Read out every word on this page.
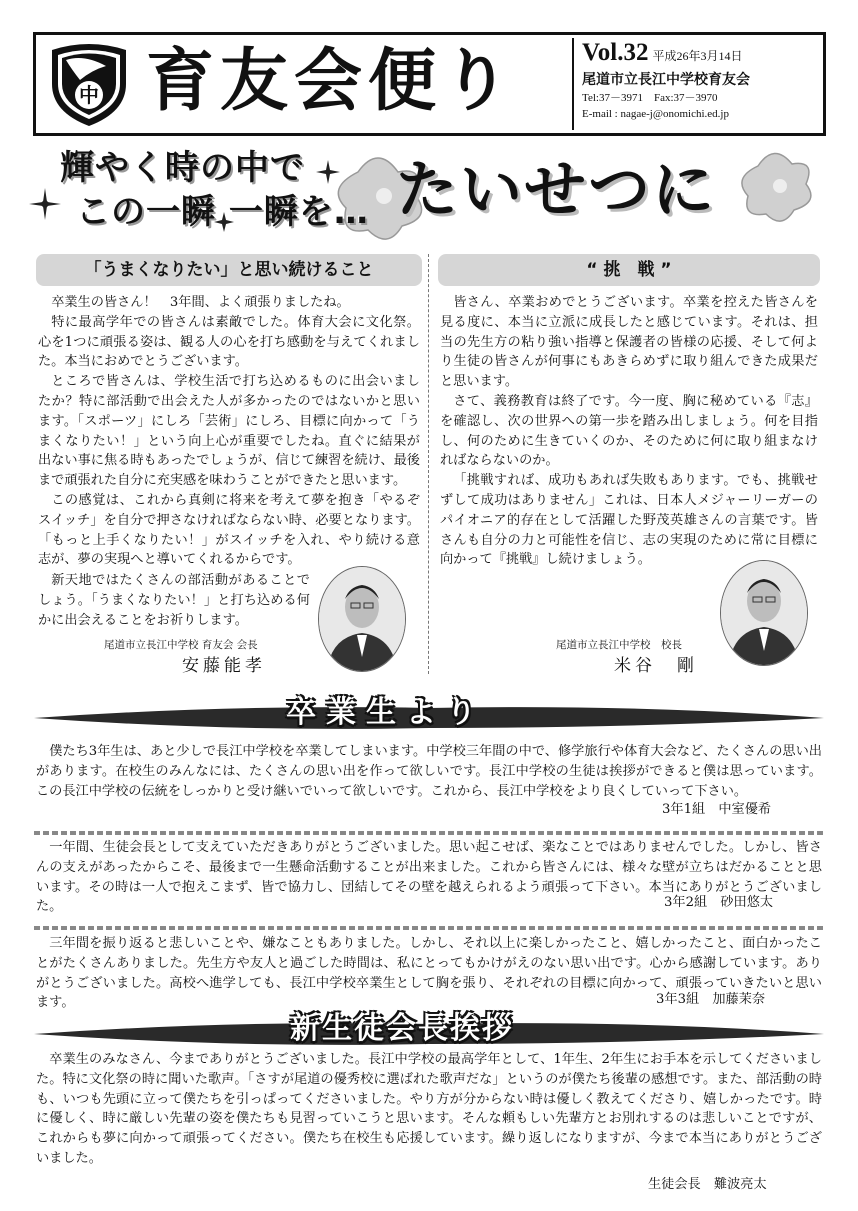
中 育友会便り	Vol.32 平成26年3月14日
尾道市立長江中学校育友会
Tel:37－3971　Fax:37－3970
E-mail : nagae-j@onomichi.ed.jp
輝やく時の中で
この一瞬 一瞬を… たいせつに
「うまくなりたい」と思い続けること	“ 挑　戦 ”

卒業生の皆さん！　3年間、よく頑張りましたね。

特に最高学年での皆さんは素敵でした。体育大会に文化祭。心を1つに頑張る姿は、観る人の心を打ち感動を与えてくれました。本当におめでとうございます。

ところで皆さんは、学校生活で打ち込めるものに出会いましたか？特に部活動で出会えた人が多かったのではないかと思います。「スポーツ」にしろ「芸術」にしろ、目標に向かって「うまくなりたい！」という向上心が重要でしたね。直ぐに結果が出ない事に焦る時もあったでしょうが、信じて練習を続け、最後まで頑張れた自分に充実感を味わうことができたと思います。

この感覚は、これから真剣に将来を考えて夢を抱き「やるぞスイッチ」を自分で押さなければならない時、必要となります。「もっと上手くなりたい！」がスイッチを入れ、やり続ける意志が、夢の実現へと導いてくれるからです。

新天地ではたくさんの部活動があることでしょう。「うまくなりたい！」と打ち込める何かに出会えることをお祈りします。

尾道市立長江中学校 育友会 会長
安藤能孝

皆さん、卒業おめでとうございます。卒業を控えた皆さんを見る度に、本当に立派に成長したと感じています。それは、担当の先生方の粘り強い指導と保護者の皆様の応援、そして何より生徒の皆さんが何事にもあきらめずに取り組んできた成果だと思います。

さて、義務教育は終了です。今一度、胸に秘めている『志』を確認し、次の世界への第一歩を踏み出しましょう。何を目指し、何のために生きていくのか、そのために何に取り組まなければならないのか。

「挑戦すれば、成功もあれば失敗もあります。でも、挑戦せずして成功はありません」これは、日本人メジャーリーガーのパイオニア的存在として活躍した野茂英雄さんの言葉です。皆さんも自分の力と可能性を信じ、志の実現のために常に目標に向かって『挑戦』し続けましょう。

尾道市立長江中学校　校長
米谷　剛
卒業生より

僕たち3年生は、あと少しで長江中学校を卒業してしまいます。中学校三年間の中で、修学旅行や体育大会など、たくさんの思い出があります。在校生のみんなには、たくさんの思い出を作って欲しいです。長江中学校の生徒は挨拶ができると僕は思っています。この長江中学校の伝統をしっかりと受け継いでいって欲しいです。これから、長江中学校をより良くしていって下さい。

3年1組　中室優希

一年間、生徒会長として支えていただきありがとうございました。思い起こせば、楽なことではありませんでした。しかし、皆さんの支えがあったからこそ、最後まで一生懸命活動することが出来ました。これから皆さんには、様々な壁が立ちはだかることと思います。その時は一人で抱えこまず、皆で協力し、団結してその壁を越えられるよう頑張って下さい。本当にありがとうございました。	3年2組　砂田悠太

三年間を振り返ると悲しいことや、嫌なこともありました。しかし、それ以上に楽しかったこと、嬉しかったこと、面白かったことがたくさんありました。先生方や友人と過ごした時間は、私にとってもかけがえのない思い出です。心から感謝しています。ありがとうございました。高校へ進学しても、長江中学校卒業生として胸を張り、それぞれの目標に向かって、頑張っていきたいと思います。	3年3組　加藤茉奈
新生徒会長挨拶

卒業生のみなさん、今までありがとうございました。長江中学校の最高学年として、1年生、2年生にお手本を示してくださいました。特に文化祭の時に聞いた歌声。「さすが尾道の優秀校に選ばれた歌声だな」というのが僕たち後輩の感想です。また、部活動の時も、いつも先頭に立って僕たちを引っぱってくださいました。やり方が分からない時は優しく教えてくださり、嬉しかったです。時に優しく、時に厳しい先輩の姿を僕たちも見習っていこうと思います。そんな頼もしい先輩方とお別れするのは悲しいことですが、これからも夢に向かって頑張ってください。僕たち在校生も応援しています。繰り返しになりますが、今まで本当にありがとうございました。

生徒会長　難波亮太
